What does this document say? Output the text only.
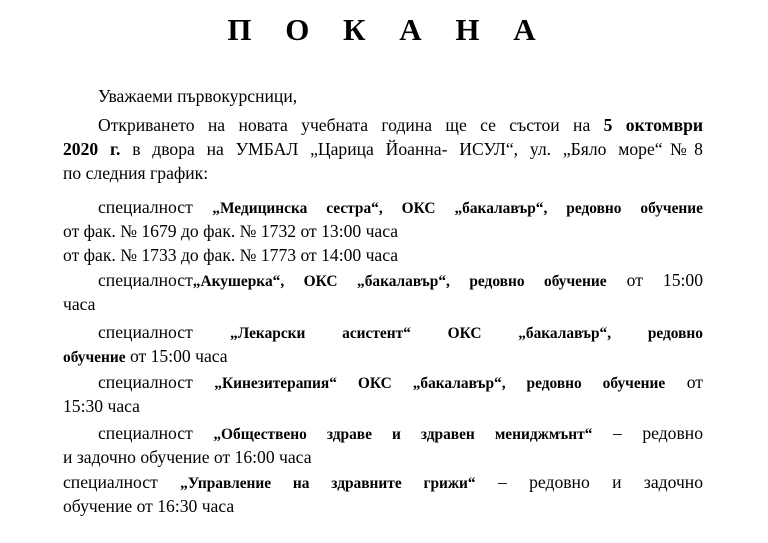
П О К А Н А
Уважаеми първокурсници,
Откриването на новата учебната година ще се състои на 5 октомври
2020 г. в двора на УМБАЛ „Царица Йоанна- ИСУЛ“, ул. „Бяло море“№8
по следния график:
специалност „Медицинска сестра“, ОКС „бакалавър“, редовно обучение
от фак. № 1679 до фак. № 1732 от 13:00 часа
от фак. № 1733 до фак. № 1773 от 14:00 часа
специалност„Акушерка“, ОКС „бакалавър“, редовно обучение от 15:00
часа
специалност „Лекарски асистент“ ОКС „бакалавър“, редовно
обучение от 15:00 часа
специалност „Кинезитерапия“ ОКС „бакалавър“, редовно обучение от
15:30 часа
специалност „Обществено здраве и здравен мениджмънт“ – редовно
и задочно обучение от 16:00 часа
специалност „Управление на здравните грижи“ – редовно и задочно
обучение от 16:30 часа
